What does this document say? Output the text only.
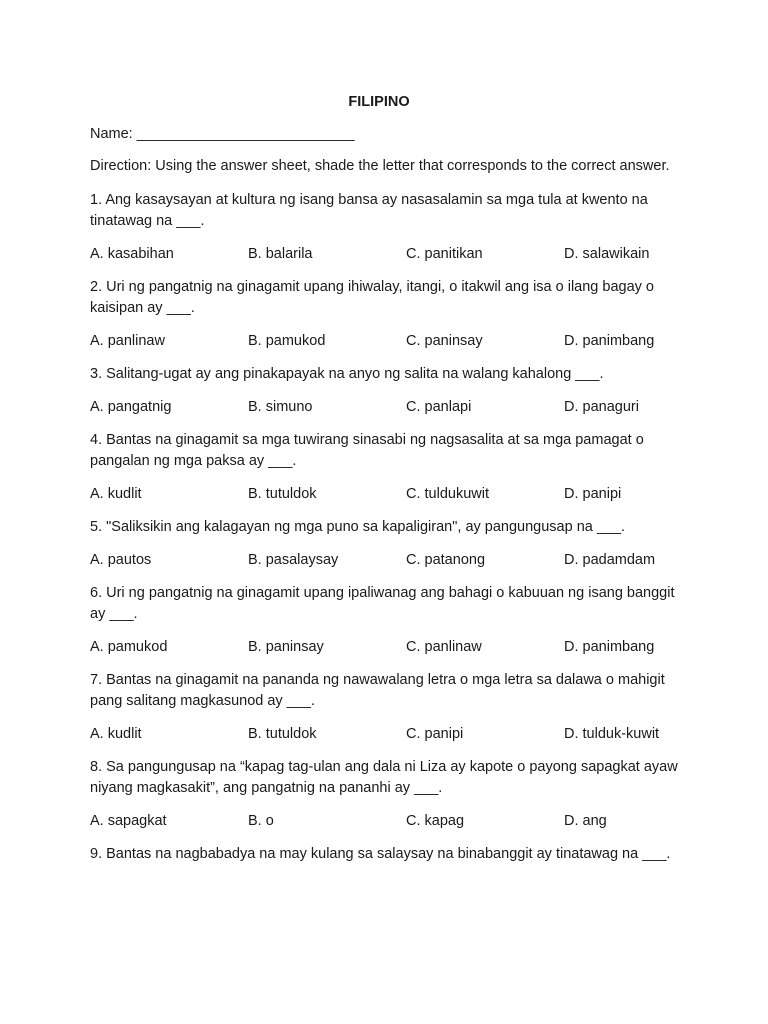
FILIPINO
Name: ___________________________
Direction: Using the answer sheet, shade the letter that corresponds to the correct answer.
1. Ang kasaysayan at kultura ng isang bansa ay nasasalamin sa mga tula at kwento na tinatawag na ___.
A. kasabihan	B. balarila	C. panitikan	D. salawikain
2. Uri ng pangatnig na ginagamit upang ihiwalay, itangi, o itakwil ang isa o ilang bagay o kaisipan ay ___.
A. panlinaw	B. pamukod	C. paninsay	D. panimbang
3. Salitang-ugat ay ang pinakapayak na anyo ng salita na walang kahalong ___.
A. pangatnig	B. simuno	C. panlapi	D. panaguri
4. Bantas na ginagamit sa mga tuwirang sinasabi ng nagsasalita at sa mga pamagat o pangalan ng mga paksa ay ___.
A. kudlit	B. tutuldok	C. tuldukuwit	D. panipi
5. "Saliksikin ang kalagayan ng mga puno sa kapaligiran", ay pangungusap na ___.
A. pautos	B. pasalaysay	C. patanong	D. padamdam
6. Uri ng pangatnig na ginagamit upang ipaliwanag ang bahagi o kabuuan ng isang banggit ay ___.
A. pamukod	B. paninsay	C. panlinaw	D. panimbang
7. Bantas na ginagamit na pananda ng nawawalang letra o mga letra sa dalawa o mahigit pang salitang magkasunod ay ___.
A. kudlit	B. tutuldok	C. panipi	D. tulduk-kuwit
8. Sa pangungusap na “kapag tag-ulan ang dala ni Liza ay kapote o payong sapagkat ayaw niyang magkasakit”, ang pangatnig na pananhi ay ___.
A. sapagkat	B. o	C. kapag	D. ang
9. Bantas na nagbabadya na may kulang sa salaysay na binabanggit ay tinatawag na ___.
